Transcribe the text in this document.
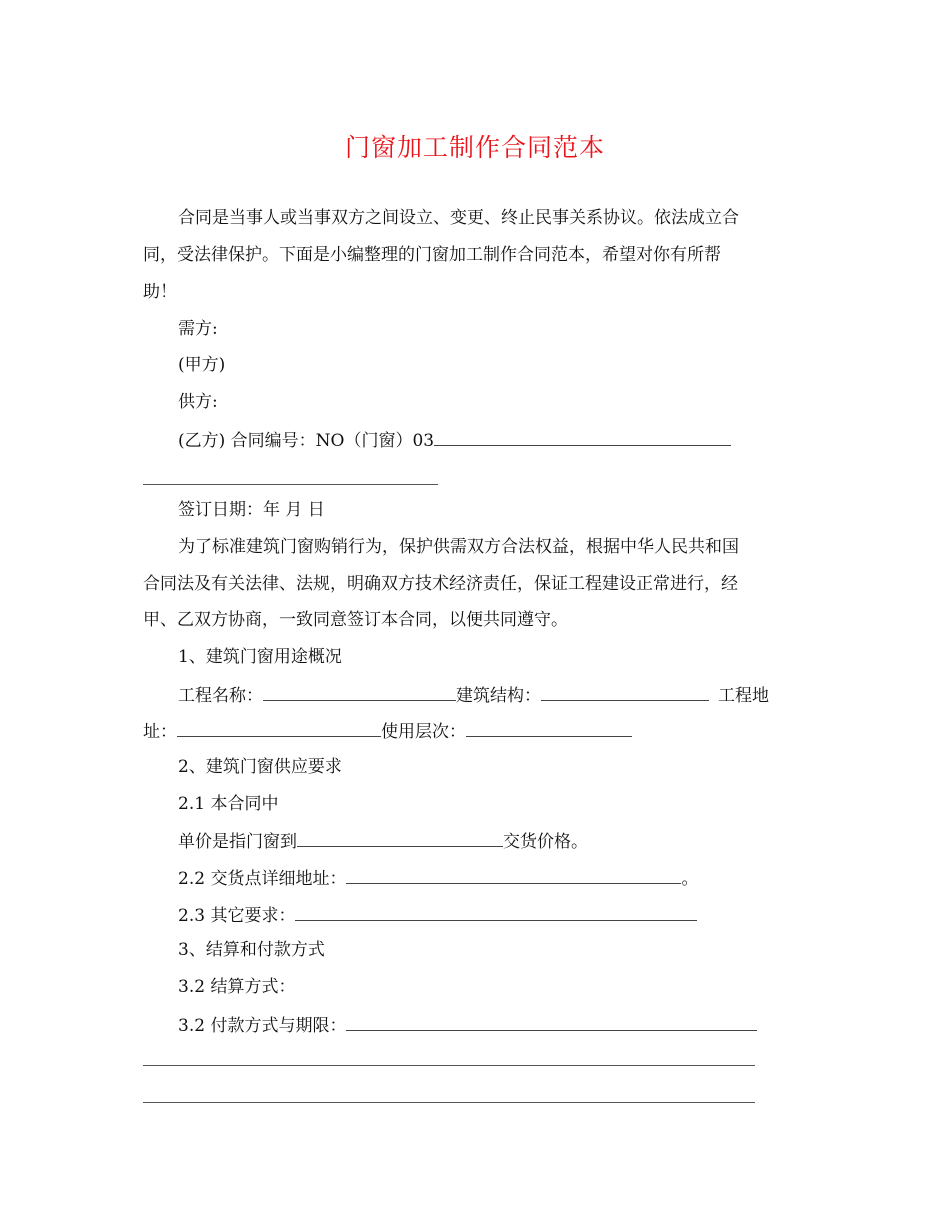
门窗加工制作合同范本
合同是当事人或当事双方之间设立、变更、终止民事关系协议。依法成立合
同，受法律保护。下面是小编整理的门窗加工制作合同范本，希望对你有所帮
助！
需方:
(甲方)
供方:
(乙方) 合同编号：NO（门窗）03
签订日期：年 月 日
为了标准建筑门窗购销行为，保护供需双方合法权益，根据中华人民共和国
合同法及有关法律、法规，明确双方技术经济责任，保证工程建设正常进行，经
甲、乙双方协商，一致同意签订本合同，以便共同遵守。
1、建筑门窗用途概况
工程名称：	建筑结构：	工程地
址：	使用层次：
2、建筑门窗供应要求
2.1 本合同中
单价是指门窗到	交货价格。
2.2 交货点详细地址：	。
2.3 其它要求：
3、结算和付款方式
3.2 结算方式：
3.2 付款方式与期限：
